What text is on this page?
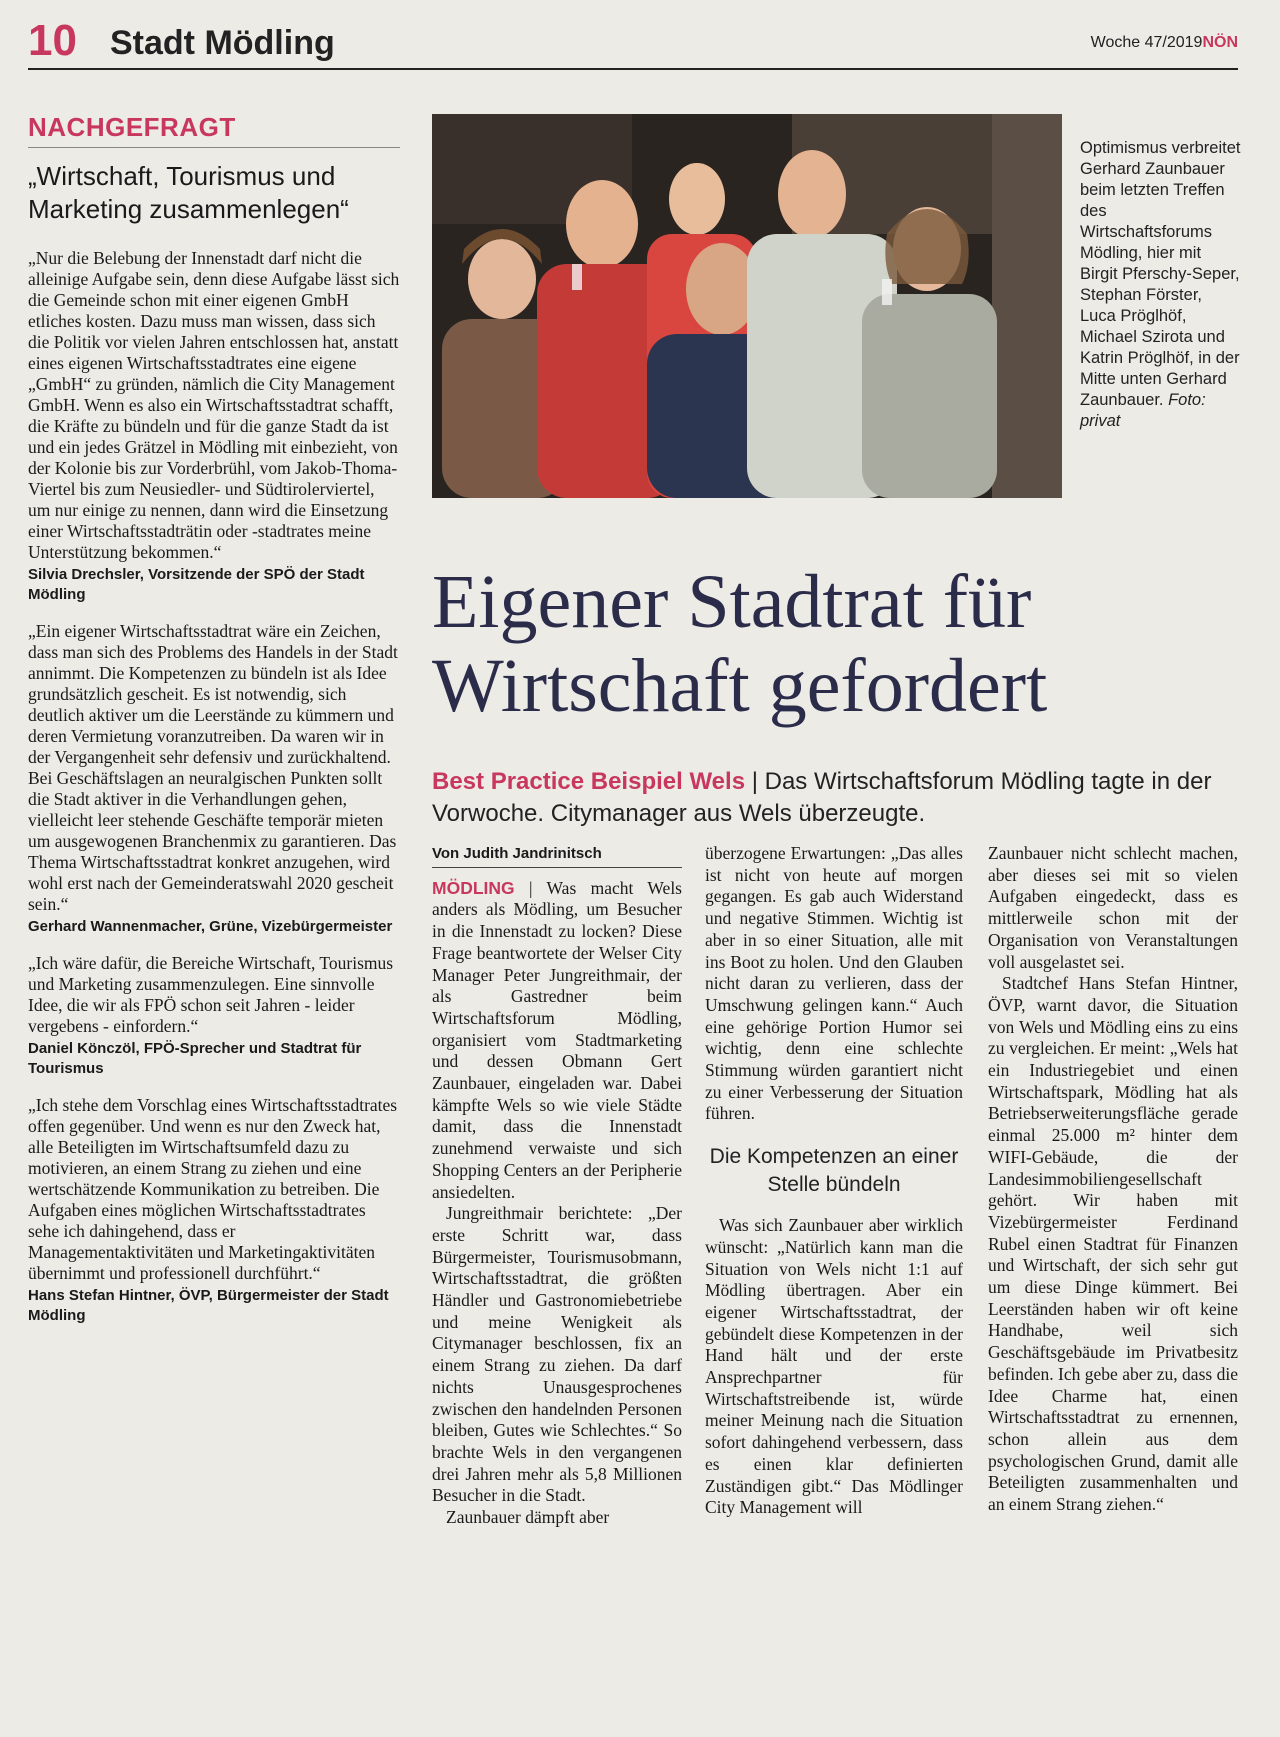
10 Stadt Mödling	Woche 47/2019NÖN
NACHGEFRAGT
„Wirtschaft, Tourismus und Marketing zusammenlegen“

„Nur die Belebung der Innenstadt darf nicht die alleinige Aufgabe sein, denn diese Aufgabe lässt sich die Gemeinde schon mit einer eigenen GmbH etliches kosten. Dazu muss man wissen, dass sich die Politik vor vielen Jahren entschlossen hat, anstatt eines eigenen Wirtschaftsstadtrates eine eigene „GmbH“ zu gründen, nämlich die City Management GmbH. Wenn es also ein Wirtschaftsstadtrat schafft, die Kräfte zu bündeln und für die ganze Stadt da ist und ein jedes Grätzel in Mödling mit einbezieht, von der Kolonie bis zur Vorderbrühl, vom Jakob-Thoma-Viertel bis zum Neusiedler- und Südtirolerviertel, um nur einige zu nennen, dann wird die Einsetzung einer Wirtschaftsstadträtin oder -stadtrates meine Unterstützung bekommen.“

Silvia Drechsler, Vorsitzende der SPÖ der Stadt Mödling

„Ein eigener Wirtschaftsstadtrat wäre ein Zeichen, dass man sich des Problems des Handels in der Stadt annimmt. Die Kompetenzen zu bündeln ist als Idee grundsätzlich gescheit. Es ist notwendig, sich deutlich aktiver um die Leerstände zu kümmern und deren Vermietung voranzutreiben. Da waren wir in der Vergangenheit sehr defensiv und zurückhaltend. Bei Geschäftslagen an neuralgischen Punkten sollt die Stadt aktiver in die Verhandlungen gehen, vielleicht leer stehende Geschäfte temporär mieten um ausgewogenen Branchenmix zu garantieren. Das Thema Wirtschaftsstadtrat konkret anzugehen, wird wohl erst nach der Gemeinderatswahl 2020 gescheit sein.“

Gerhard Wannenmacher, Grüne, Vizebürgermeister

„Ich wäre dafür, die Bereiche Wirtschaft, Tourismus und Marketing zusammenzulegen. Eine sinnvolle Idee, die wir als FPÖ schon seit Jahren - leider vergebens - einfordern.“

Daniel Könczöl, FPÖ-Sprecher und Stadtrat für Tourismus

„Ich stehe dem Vorschlag eines Wirtschaftsstadtrates offen gegenüber. Und wenn es nur den Zweck hat, alle Beteiligten im Wirtschaftsumfeld dazu zu motivieren, an einem Strang zu ziehen und eine wertschätzende Kommunikation zu betreiben. Die Aufgaben eines möglichen Wirtschaftsstadtrates sehe ich dahingehend, dass er Managementaktivitäten und Marketingaktivitäten übernimmt und professionell durchführt.“

Hans Stefan Hintner, ÖVP, Bürgermeister der Stadt Mödling
Optimismus verbreitet Gerhard Zaunbauer beim letzten Treffen des Wirtschaftsforums Mödling, hier mit Birgit Pferschy-Seper, Stephan Förster, Luca Pröglhöf, Michael Szirota und Katrin Pröglhöf, in der Mitte unten Gerhard Zaunbauer. Foto: privat
Eigener Stadtrat für Wirtschaft gefordert
Best Practice Beispiel Wels | Das Wirtschaftsforum Mödling tagte in der Vorwoche. Citymanager aus Wels überzeugte.
Von Judith Jandrinitsch

MÖDLING | Was macht Wels anders als Mödling, um Besucher in die Innenstadt zu locken? Diese Frage beantwortete der Welser City Manager Peter Jungreithmair, der als Gastredner beim Wirtschaftsforum Mödling, organisiert vom Stadtmarketing und dessen Obmann Gert Zaunbauer, eingeladen war. Dabei kämpfte Wels so wie viele Städte damit, dass die Innenstadt zunehmend verwaiste und sich Shopping Centers an der Peripherie ansiedelten.

Jungreithmair berichtete: „Der erste Schritt war, dass Bürgermeister, Tourismusobmann, Wirtschaftsstadtrat, die größten Händler und Gastronomiebetriebe und meine Wenigkeit als Citymanager beschlossen, fix an einem Strang zu ziehen. Da darf nichts Unausgesprochenes zwischen den handelnden Personen bleiben, Gutes wie Schlechtes.“ So brachte Wels in den vergangenen drei Jahren mehr als 5,8 Millionen Besucher in die Stadt.

Zaunbauer dämpft aber

überzogene Erwartungen: „Das alles ist nicht von heute auf morgen gegangen. Es gab auch Widerstand und negative Stimmen. Wichtig ist aber in so einer Situation, alle mit ins Boot zu holen. Und den Glauben nicht daran zu verlieren, dass der Umschwung gelingen kann.“ Auch eine gehörige Portion Humor sei wichtig, denn eine schlechte Stimmung würden garantiert nicht zu einer Verbesserung der Situation führen.

Die Kompetenzen an einer Stelle bündeln

Was sich Zaunbauer aber wirklich wünscht: „Natürlich kann man die Situation von Wels nicht 1:1 auf Mödling übertragen. Aber ein eigener Wirtschaftsstadtrat, der gebündelt diese Kompetenzen in der Hand hält und der erste Ansprechpartner für Wirtschaftstreibende ist, würde meiner Meinung nach die Situation sofort dahingehend verbessern, dass es einen klar definierten Zuständigen gibt.“ Das Mödlinger City Management will

Zaunbauer nicht schlecht machen, aber dieses sei mit so vielen Aufgaben eingedeckt, dass es mittlerweile schon mit der Organisation von Veranstaltungen voll ausgelastet sei.

Stadtchef Hans Stefan Hintner, ÖVP, warnt davor, die Situation von Wels und Mödling eins zu eins zu vergleichen. Er meint: „Wels hat ein Industriegebiet und einen Wirtschaftspark, Mödling hat als Betriebserweiterungsfläche gerade einmal 25.000 m² hinter dem WIFI-Gebäude, die der Landesimmobiliengesellschaft gehört. Wir haben mit Vizebürgermeister Ferdinand Rubel einen Stadtrat für Finanzen und Wirtschaft, der sich sehr gut um diese Dinge kümmert. Bei Leerständen haben wir oft keine Handhabe, weil sich Geschäftsgebäude im Privatbesitz befinden. Ich gebe aber zu, dass die Idee Charme hat, einen Wirtschaftsstadtrat zu ernennen, schon allein aus dem psychologischen Grund, damit alle Beteiligten zusammenhalten und an einem Strang ziehen.“
